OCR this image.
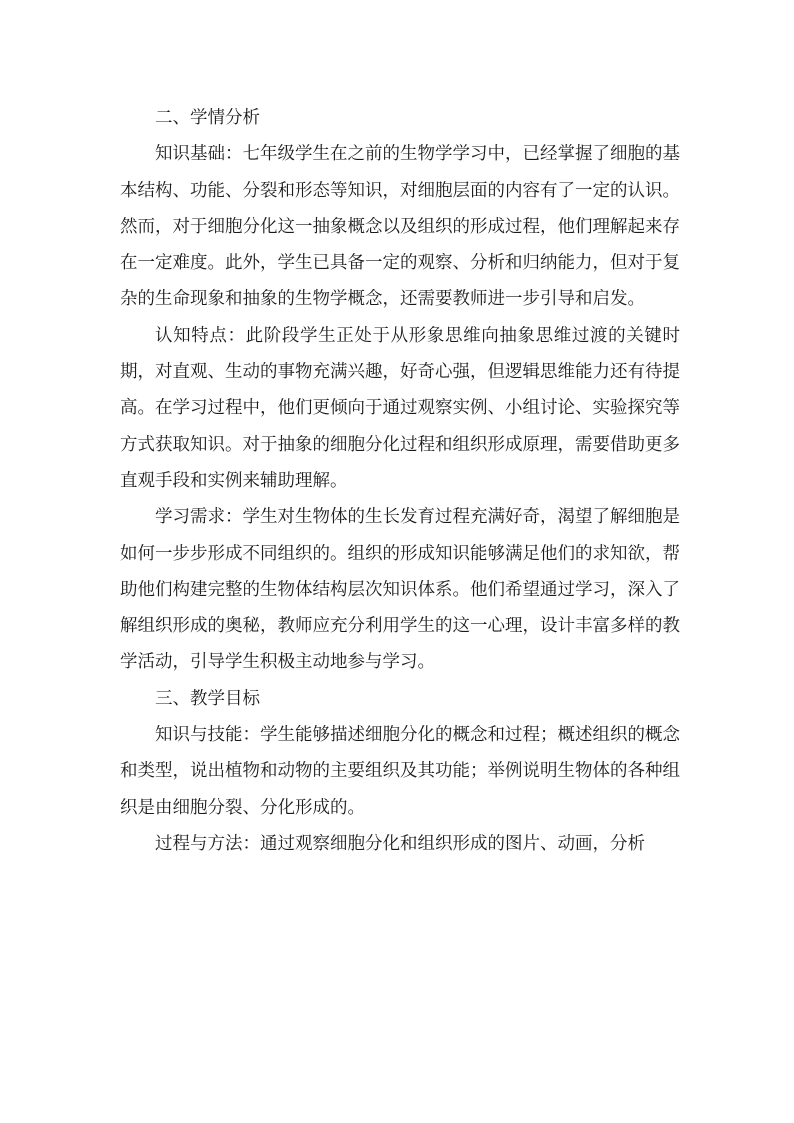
二、学情分析

知识基础：七年级学生在之前的生物学学习中，已经掌握了细胞的基本结构、功能、分裂和形态等知识，对细胞层面的内容有了一定的认识。然而，对于细胞分化这一抽象概念以及组织的形成过程，他们理解起来存在一定难度。此外，学生已具备一定的观察、分析和归纳能力，但对于复杂的生命现象和抽象的生物学概念，还需要教师进一步引导和启发。

认知特点：此阶段学生正处于从形象思维向抽象思维过渡的关键时期，对直观、生动的事物充满兴趣，好奇心强，但逻辑思维能力还有待提高。在学习过程中，他们更倾向于通过观察实例、小组讨论、实验探究等方式获取知识。对于抽象的细胞分化过程和组织形成原理，需要借助更多直观手段和实例来辅助理解。

学习需求：学生对生物体的生长发育过程充满好奇，渴望了解细胞是如何一步步形成不同组织的。组织的形成知识能够满足他们的求知欲，帮助他们构建完整的生物体结构层次知识体系。他们希望通过学习，深入了解组织形成的奥秘，教师应充分利用学生的这一心理，设计丰富多样的教学活动，引导学生积极主动地参与学习。

三、教学目标

知识与技能：学生能够描述细胞分化的概念和过程；概述组织的概念和类型，说出植物和动物的主要组织及其功能；举例说明生物体的各种组织是由细胞分裂、分化形成的。

过程与方法：通过观察细胞分化和组织形成的图片、动画，分析
